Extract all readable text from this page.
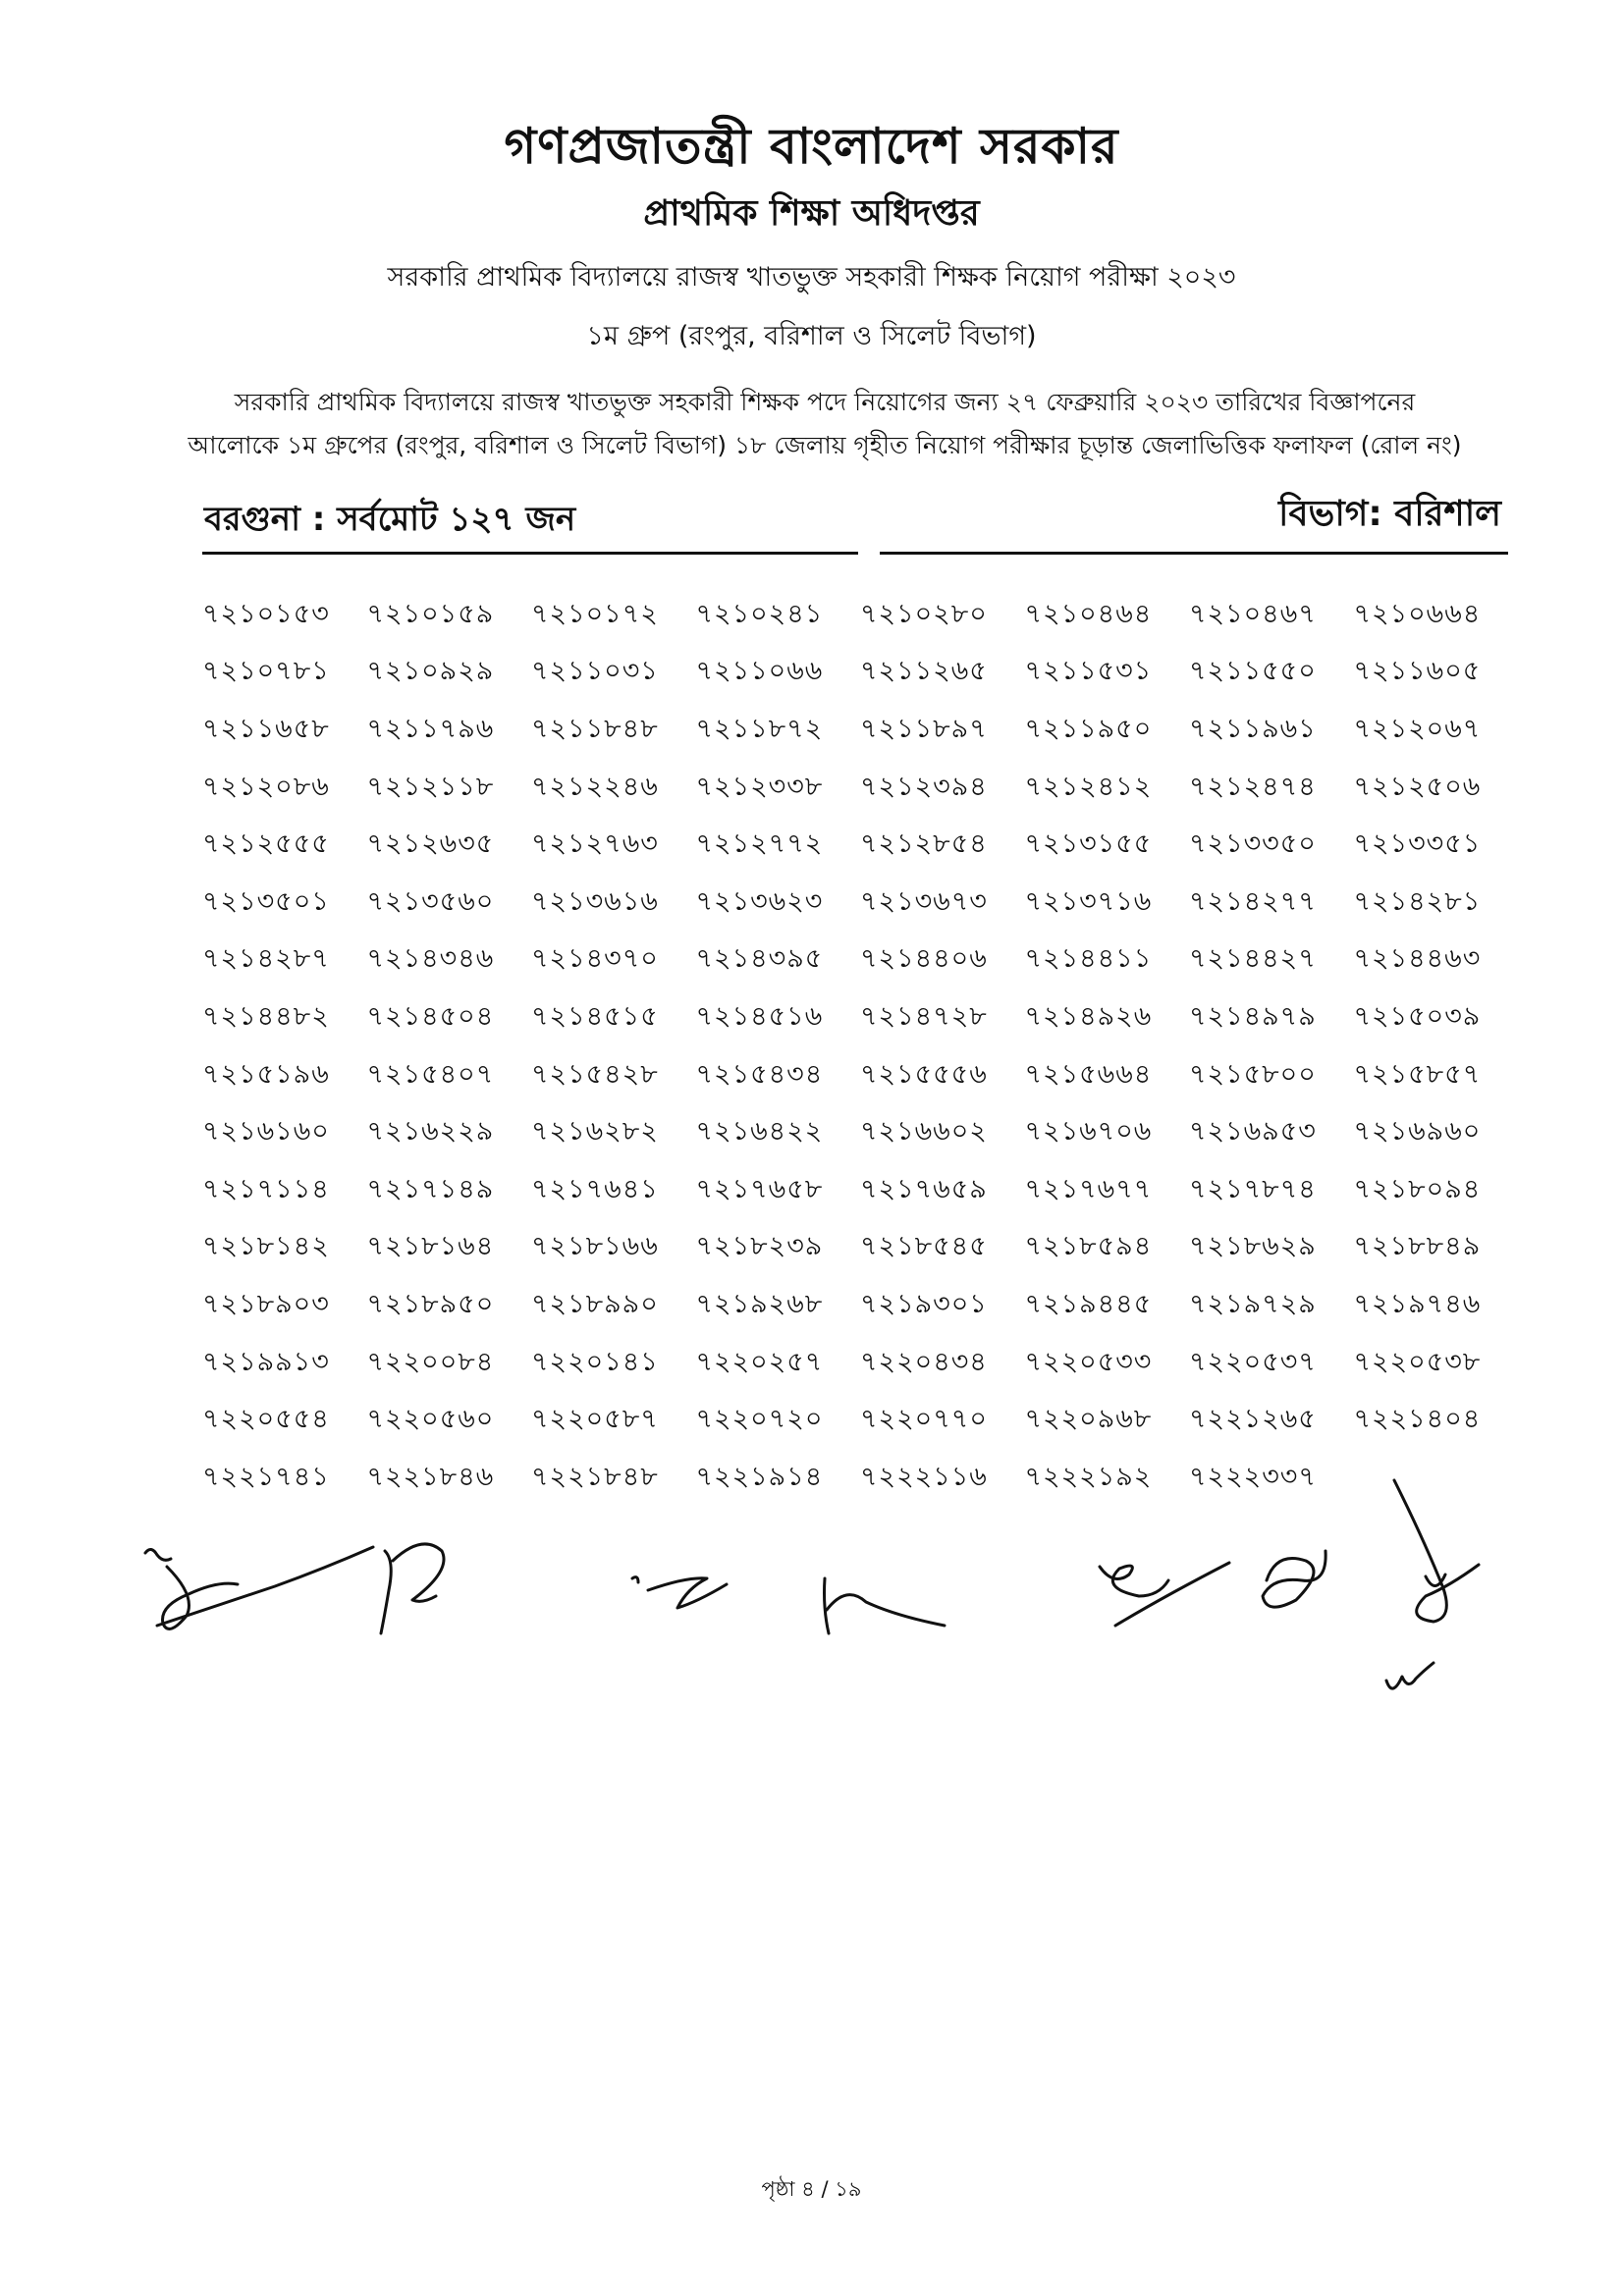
গণপ্রজাতন্ত্রী বাংলাদেশ সরকার
প্রাথমিক শিক্ষা অধিদপ্তর
সরকারি প্রাথমিক বিদ্যালয়ে রাজস্ব খাতভুক্ত সহকারী শিক্ষক নিয়োগ পরীক্ষা ২০২৩
১ম গ্রুপ (রংপুর, বরিশাল ও সিলেট বিভাগ)
সরকারি প্রাথমিক বিদ্যালয়ে রাজস্ব খাতভুক্ত সহকারী শিক্ষক পদে নিয়োগের জন্য ২৭ ফেব্রুয়ারি ২০২৩ তারিখের বিজ্ঞাপনের
আলোকে ১ম গ্রুপের (রংপুর, বরিশাল ও সিলেট বিভাগ) ১৮ জেলায় গৃহীত নিয়োগ পরীক্ষার চূড়ান্ত জেলাভিত্তিক ফলাফল (রোল নং)
বরগুনা : সর্বমোট ১২৭ জন	বিভাগ: বরিশাল
৭২১০১৫৩	৭২১০১৫৯	৭২১০১৭২	৭২১০২৪১	৭২১০২৮০	৭২১০৪৬৪	৭২১০৪৬৭	৭২১০৬৬৪
৭২১০৭৮১	৭২১০৯২৯	৭২১১০৩১	৭২১১০৬৬	৭২১১২৬৫	৭২১১৫৩১	৭২১১৫৫০	৭২১১৬০৫
৭২১১৬৫৮	৭২১১৭৯৬	৭২১১৮৪৮	৭২১১৮৭২	৭২১১৮৯৭	৭২১১৯৫০	৭২১১৯৬১	৭২১২০৬৭
৭২১২০৮৬	৭২১২১১৮	৭২১২২৪৬	৭২১২৩৩৮	৭২১২৩৯৪	৭২১২৪১২	৭২১২৪৭৪	৭২১২৫০৬
৭২১২৫৫৫	৭২১২৬৩৫	৭২১২৭৬৩	৭২১২৭৭২	৭২১২৮৫৪	৭২১৩১৫৫	৭২১৩৩৫০	৭২১৩৩৫১
৭২১৩৫০১	৭২১৩৫৬০	৭২১৩৬১৬	৭২১৩৬২৩	৭২১৩৬৭৩	৭২১৩৭১৬	৭২১৪২৭৭	৭২১৪২৮১
৭২১৪২৮৭	৭২১৪৩৪৬	৭২১৪৩৭০	৭২১৪৩৯৫	৭২১৪৪০৬	৭২১৪৪১১	৭২১৪৪২৭	৭২১৪৪৬৩
৭২১৪৪৮২	৭২১৪৫০৪	৭২১৪৫১৫	৭২১৪৫১৬	৭২১৪৭২৮	৭২১৪৯২৬	৭২১৪৯৭৯	৭২১৫০৩৯
৭২১৫১৯৬	৭২১৫৪০৭	৭২১৫৪২৮	৭২১৫৪৩৪	৭২১৫৫৫৬	৭২১৫৬৬৪	৭২১৫৮০০	৭২১৫৮৫৭
৭২১৬১৬০	৭২১৬২২৯	৭২১৬২৮২	৭২১৬৪২২	৭২১৬৬০২	৭২১৬৭০৬	৭২১৬৯৫৩	৭২১৬৯৬০
৭২১৭১১৪	৭২১৭১৪৯	৭২১৭৬৪১	৭২১৭৬৫৮	৭২১৭৬৫৯	৭২১৭৬৭৭	৭২১৭৮৭৪	৭২১৮০৯৪
৭২১৮১৪২	৭২১৮১৬৪	৭২১৮১৬৬	৭২১৮২৩৯	৭২১৮৫৪৫	৭২১৮৫৯৪	৭২১৮৬২৯	৭২১৮৮৪৯
৭২১৮৯০৩	৭২১৮৯৫০	৭২১৮৯৯০	৭২১৯২৬৮	৭২১৯৩০১	৭২১৯৪৪৫	৭২১৯৭২৯	৭২১৯৭৪৬
৭২১৯৯১৩	৭২২০০৮৪	৭২২০১৪১	৭২২০২৫৭	৭২২০৪৩৪	৭২২০৫৩৩	৭২২০৫৩৭	৭২২০৫৩৮
৭২২০৫৫৪	৭২২০৫৬০	৭২২০৫৮৭	৭২২০৭২০	৭২২০৭৭০	৭২২০৯৬৮	৭২২১২৬৫	৭২২১৪০৪
৭২২১৭৪১	৭২২১৮৪৬	৭২২১৮৪৮	৭২২১৯১৪	৭২২২১১৬	৭২২২১৯২	৭২২২৩৩৭
পৃষ্ঠা ৪ / ১৯
